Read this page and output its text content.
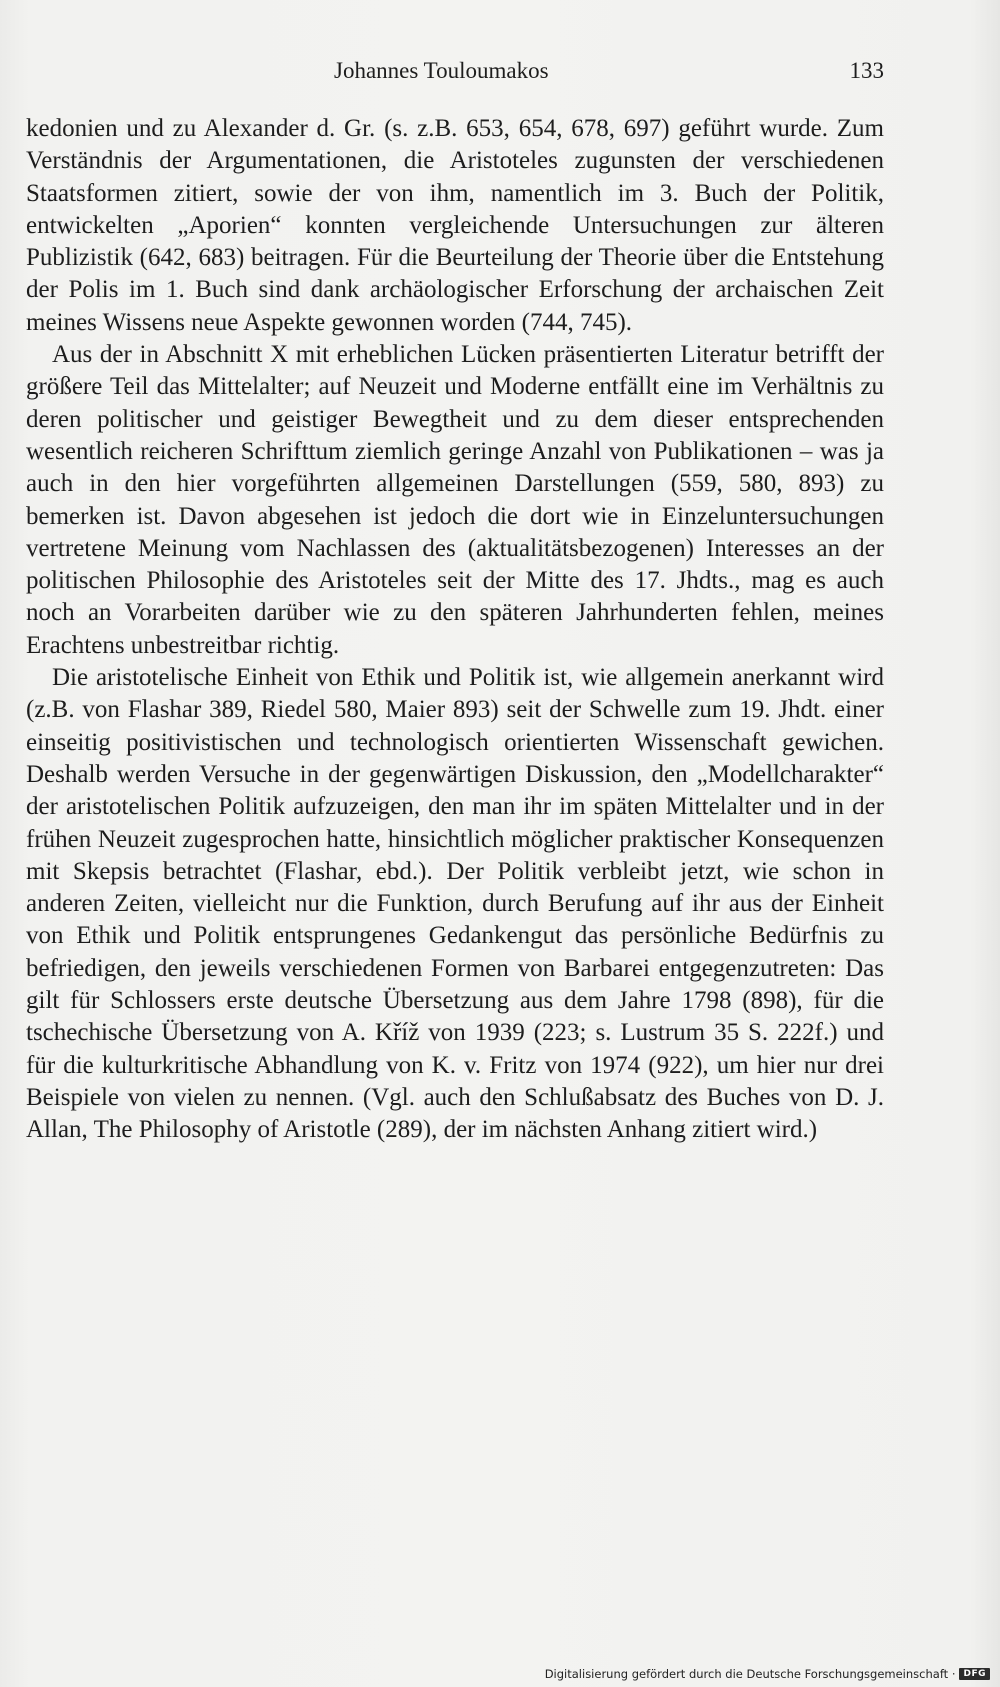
Johannes Touloumakos	133

kedonien und zu Alexander d. Gr. (s. z.B. 653, 654, 678, 697) geführt wurde. Zum Verständnis der Argumentationen, die Aristoteles zugunsten der verschiedenen Staatsformen zitiert, sowie der von ihm, namentlich im 3. Buch der Politik, entwickelten „Aporien“ konnten vergleichende Untersuchungen zur älteren Publizistik (642, 683) beitragen. Für die Beurteilung der Theorie über die Entstehung der Polis im 1. Buch sind dank archäologischer Erforschung der archaischen Zeit meines Wissens neue Aspekte gewonnen worden (744, 745).

Aus der in Abschnitt X mit erheblichen Lücken präsentierten Literatur betrifft der größere Teil das Mittelalter; auf Neuzeit und Moderne entfällt eine im Verhältnis zu deren politischer und geistiger Bewegtheit und zu dem dieser entsprechenden wesentlich reicheren Schrifttum ziemlich geringe Anzahl von Publikationen – was ja auch in den hier vorgeführten allgemeinen Darstellungen (559, 580, 893) zu bemerken ist. Davon abgesehen ist jedoch die dort wie in Einzeluntersuchungen vertretene Meinung vom Nachlassen des (aktualitätsbezogenen) Interesses an der politischen Philosophie des Aristoteles seit der Mitte des 17. Jhdts., mag es auch noch an Vorarbeiten darüber wie zu den späteren Jahrhunderten fehlen, meines Erachtens unbestreitbar richtig.

Die aristotelische Einheit von Ethik und Politik ist, wie allgemein anerkannt wird (z.B. von Flashar 389, Riedel 580, Maier 893) seit der Schwelle zum 19. Jhdt. einer einseitig positivistischen und technologisch orientierten Wissenschaft gewichen. Deshalb werden Versuche in der gegenwärtigen Diskussion, den „Modellcharakter“ der aristotelischen Politik aufzuzeigen, den man ihr im späten Mittelalter und in der frühen Neuzeit zugesprochen hatte, hinsichtlich möglicher praktischer Konsequenzen mit Skepsis betrachtet (Flashar, ebd.). Der Politik verbleibt jetzt, wie schon in anderen Zeiten, vielleicht nur die Funktion, durch Berufung auf ihr aus der Einheit von Ethik und Politik entsprungenes Gedankengut das persönliche Bedürfnis zu befriedigen, den jeweils verschiedenen Formen von Barbarei entgegenzutreten: Das gilt für Schlossers erste deutsche Übersetzung aus dem Jahre 1798 (898), für die tschechische Übersetzung von A. Kříž von 1939 (223; s. Lustrum 35 S. 222f.) und für die kulturkritische Abhandlung von K. v. Fritz von 1974 (922), um hier nur drei Beispiele von vielen zu nennen. (Vgl. auch den Schlußabsatz des Buches von D. J. Allan, The Philosophy of Aristotle (289), der im nächsten Anhang zitiert wird.)

Digitalisierung gefördert durch die Deutsche Forschungsgemeinschaft · DFG
